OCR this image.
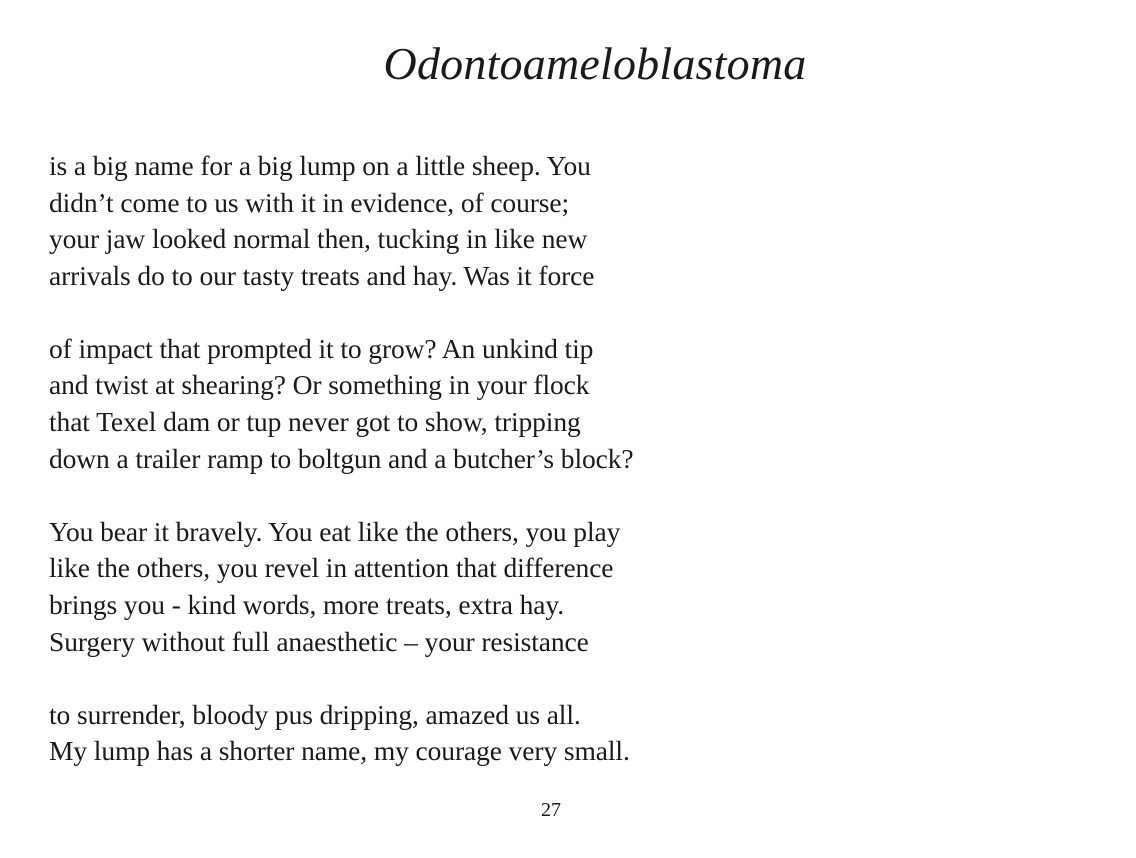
Odontoameloblastoma
is a big name for a big lump on a little sheep. You
didn’t come to us with it in evidence, of course;
your jaw looked normal then, tucking in like new
arrivals do to our tasty treats and hay. Was it force
of impact that prompted it to grow? An unkind tip
and twist at shearing? Or something in your flock
that Texel dam or tup never got to show, tripping
down a trailer ramp to boltgun and a butcher’s block?
You bear it bravely. You eat like the others, you play
like the others, you revel in attention that difference
brings you - kind words, more treats, extra hay.
Surgery without full anaesthetic – your resistance
to surrender, bloody pus dripping, amazed us all.
My lump has a shorter name, my courage very small.
27
